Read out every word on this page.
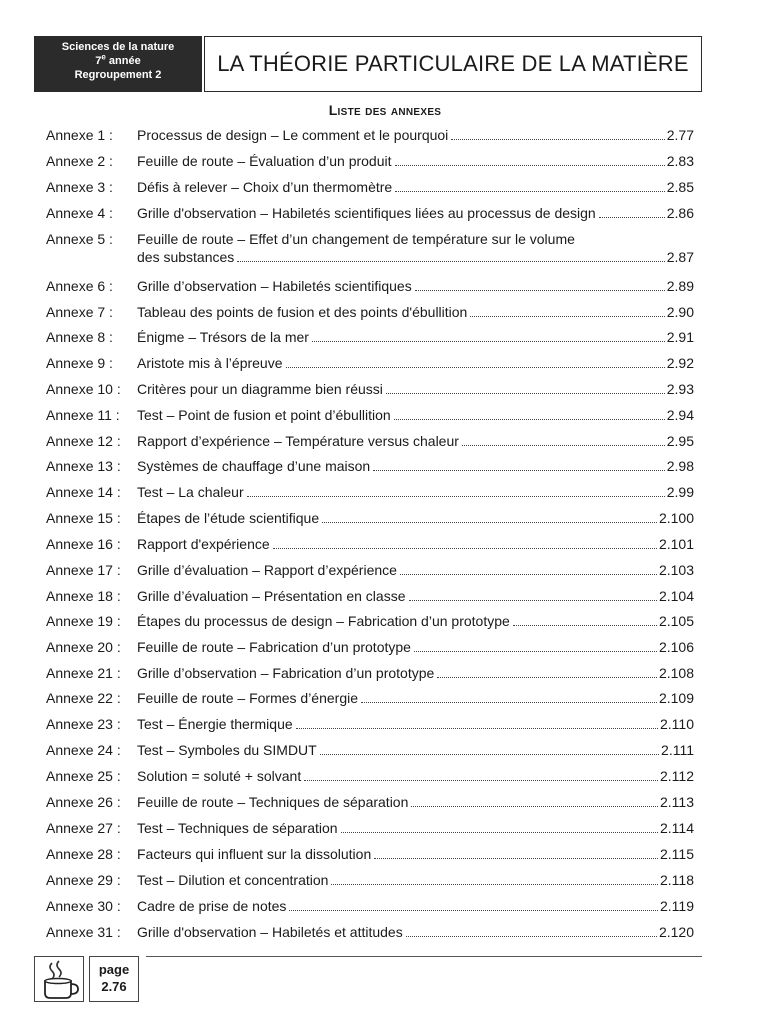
Sciences de la nature
7e année
Regroupement 2	LA THÉORIE PARTICULAIRE DE LA MATIÈRE
Liste des annexes
Annexe 1 :	Processus de design – Le comment et le pourquoi	2.77
Annexe 2 :	Feuille de route – Évaluation d’un produit	2.83
Annexe 3 :	Défis à relever – Choix d’un thermomètre	2.85
Annexe 4 :	Grille d'observation – Habiletés scientifiques liées au processus de design	2.86
Annexe 5 :	Feuille de route – Effet d’un changement de température sur le volume
des substances	2.87
Annexe 6 :	Grille d’observation – Habiletés scientifiques	2.89
Annexe 7 :	Tableau des points de fusion et des points d'ébullition	2.90
Annexe 8 :	Énigme – Trésors de la mer	2.91
Annexe 9 :	Aristote mis à l’épreuve	2.92
Annexe 10 :	Critères pour un diagramme bien réussi	2.93
Annexe 11 :	Test – Point de fusion et point d’ébullition	2.94
Annexe 12 :	Rapport d’expérience – Température versus chaleur	2.95
Annexe 13 :	Systèmes de chauffage d’une maison	2.98
Annexe 14 :	Test – La chaleur	2.99
Annexe 15 :	Étapes de l’étude scientifique	2.100
Annexe 16 :	Rapport d'expérience	2.101
Annexe 17 :	Grille d’évaluation – Rapport d’expérience	2.103
Annexe 18 :	Grille d’évaluation – Présentation en classe	2.104
Annexe 19 :	Étapes du processus de design – Fabrication d’un prototype	2.105
Annexe 20 :	Feuille de route – Fabrication d’un prototype	2.106
Annexe 21 :	Grille d’observation – Fabrication d’un prototype	2.108
Annexe 22 :	Feuille de route – Formes d’énergie	2.109
Annexe 23 :	Test – Énergie thermique	2.110
Annexe 24 :	Test – Symboles du SIMDUT	2.111
Annexe 25 :	Solution = soluté + solvant	2.112
Annexe 26 :	Feuille de route – Techniques de séparation	2.113
Annexe 27 :	Test – Techniques de séparation	2.114
Annexe 28 :	Facteurs qui influent sur la dissolution	2.115
Annexe 29 :	Test – Dilution et concentration	2.118
Annexe 30 :	Cadre de prise de notes	2.119
Annexe 31 :	Grille d'observation – Habiletés et attitudes	2.120
page
2.76
